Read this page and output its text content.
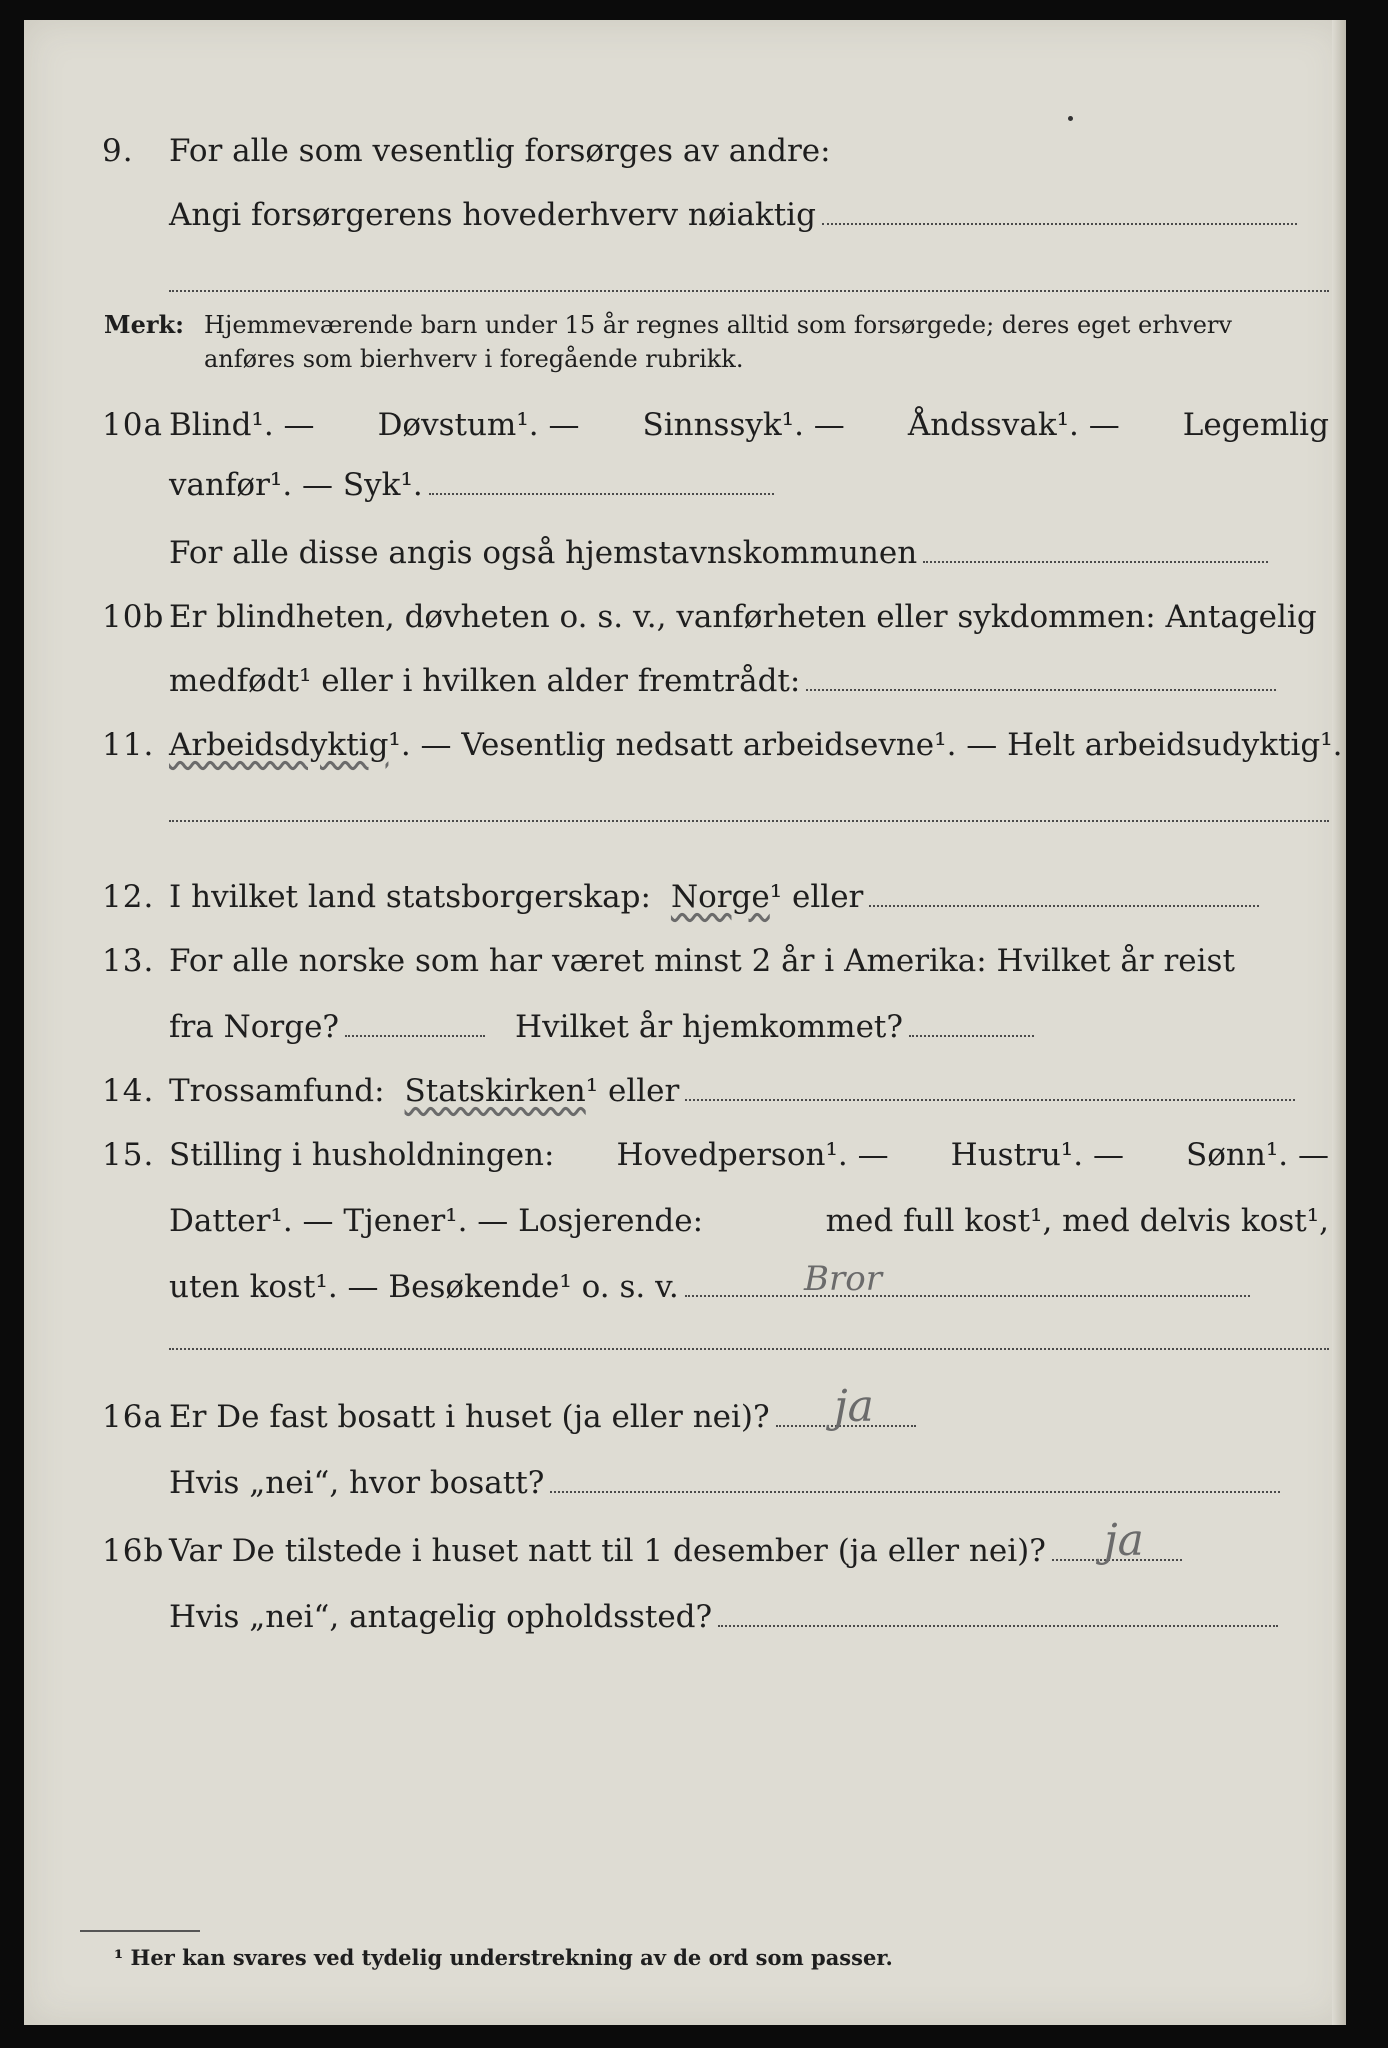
9. For alle som vesentlig forsørges av andre:
Angi forsørgerens hovederhverv nøiaktig
Merk: Hjemmeværende barn under 15 år regnes alltid som forsørgede; deres eget erhverv anføres som bierhverv i foregående rubrikk.
10a Blind¹. — Døvstum¹. — Sinnssyk¹. — Åndssvak¹. — Legemlig
vanfør¹. — Syk¹.
For alle disse angis også hjemstavnskommunen
10b Er blindheten, døvheten o. s. v., vanførheten eller sykdommen: Antagelig
medfødt¹ eller i hvilken alder fremtrådt:
11. Arbeidsdyktig ¹. — Vesentlig nedsatt arbeidsevne¹. — Helt arbeidsudyktig¹.
12. I hvilket land statsborgerskap: Norge ¹ eller
13. For alle norske som har været minst 2 år i Amerika: Hvilket år reist
fra Norge?	Hvilket år hjemkommet?
14. Trossamfund: Statskirken ¹ eller
15. Stilling i husholdningen: Hovedperson¹. — Hustru¹. — Sønn¹. —
Datter¹. — Tjener¹. — Losjerende:	med full kost¹, med delvis kost¹,
uten kost¹. — Besøkende¹ o. s. v.	Bror
16a Er De fast bosatt i huset (ja eller nei)? ja
Hvis „nei“, hvor bosatt?
16b Var De tilstede i huset natt til 1 desember (ja eller nei)? ja
Hvis „nei“, antagelig opholdssted?
¹ Her kan svares ved tydelig understrekning av de ord som passer.
